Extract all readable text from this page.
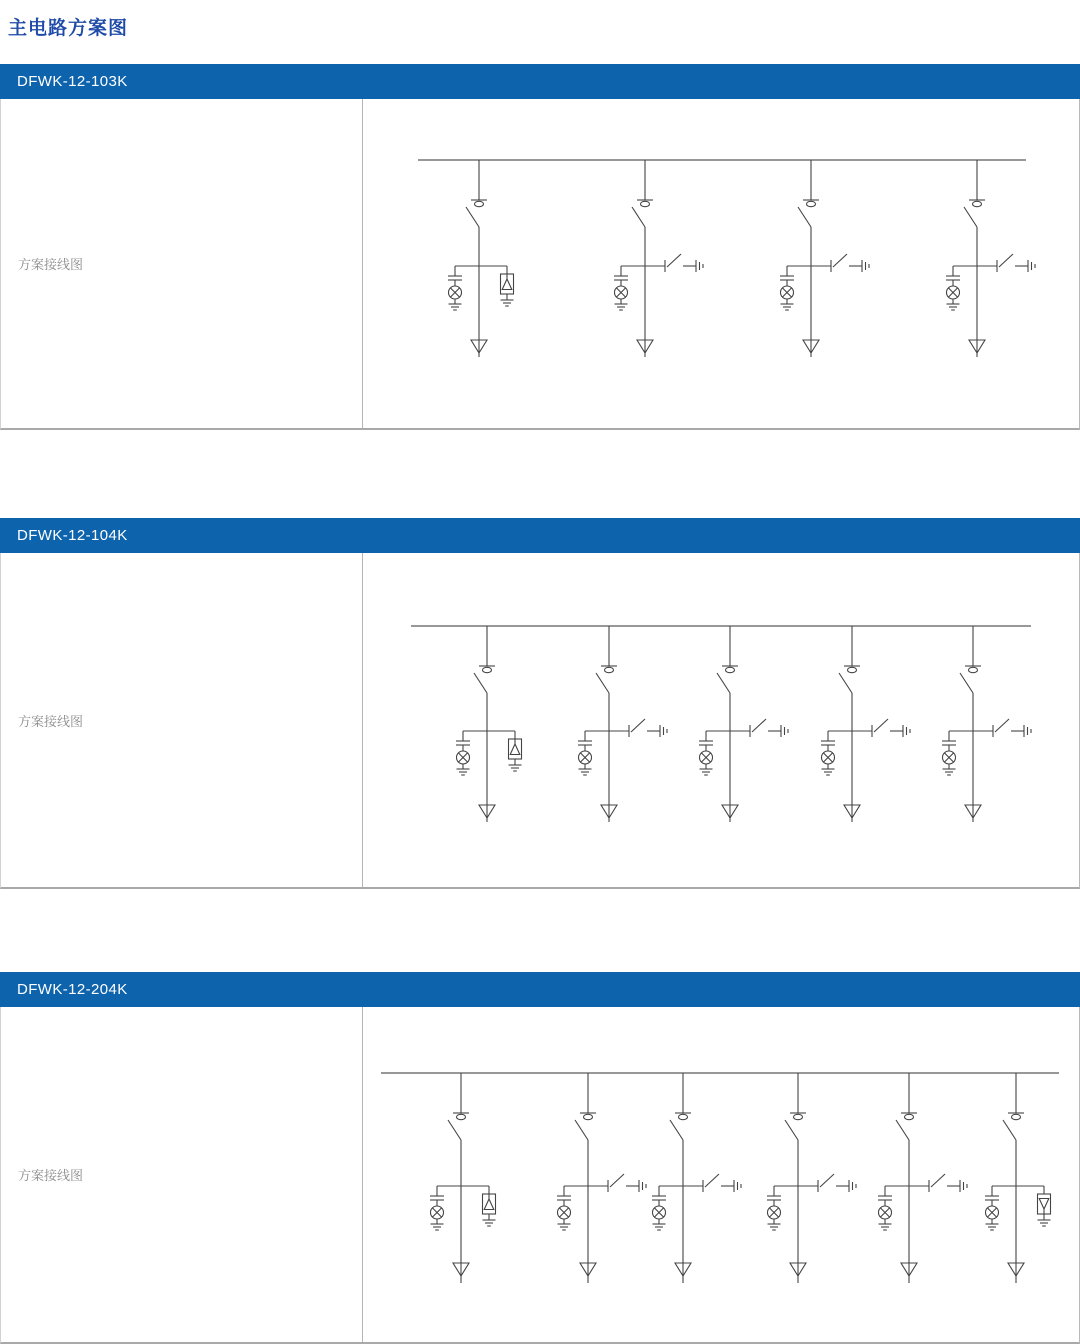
主电路方案图
DFWK-12-103K
方案接线图
DFWK-12-104K
方案接线图
DFWK-12-204K
方案接线图
